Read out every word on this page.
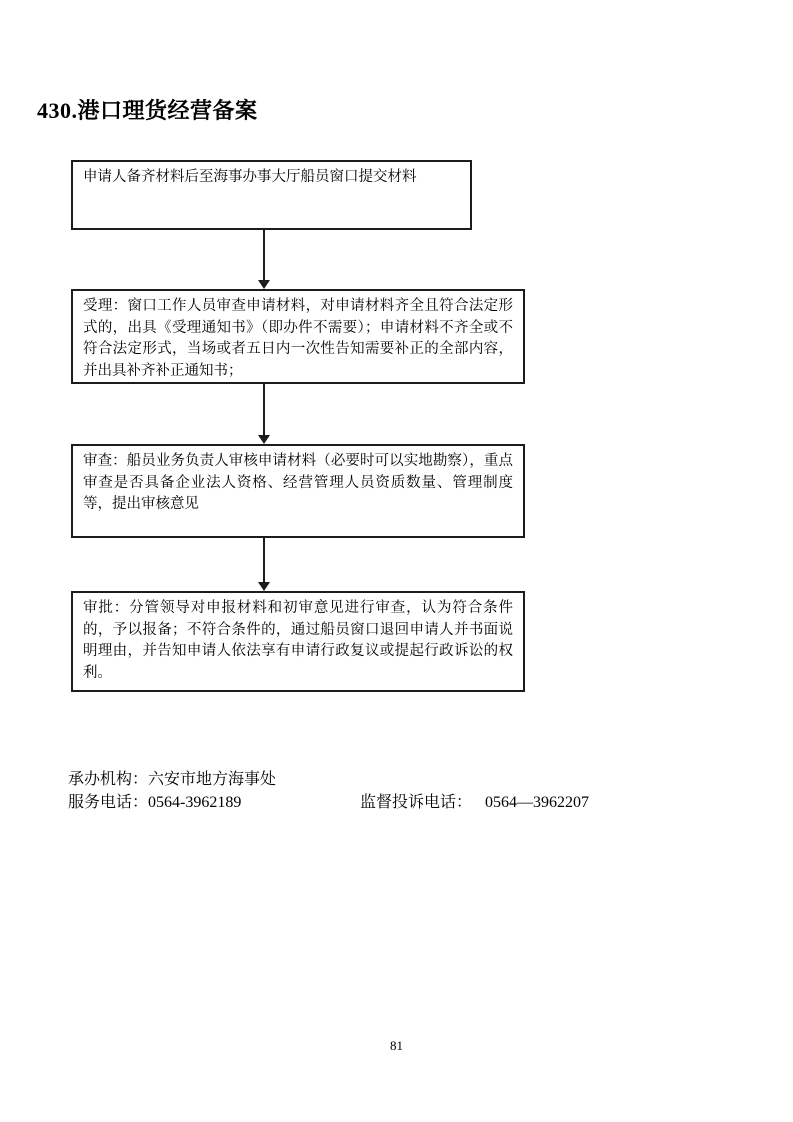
430.港口理货经营备案
申请人备齐材料后至海事办事大厅船员窗口提交材料
受理：窗口工作人员审查申请材料，对申请材料齐全且符合法定形式的，出具《受理通知书》（即办件不需要）；申请材料不齐全或不符合法定形式，当场或者五日内一次性告知需要补正的全部内容，并出具补齐补正通知书；
审查：船员业务负责人审核申请材料（必要时可以实地勘察），重点审查是否具备企业法人资格、经营管理人员资质数量、管理制度等，提出审核意见
审批：分管领导对申报材料和初审意见进行审查，认为符合条件的，予以报备；不符合条件的，通过船员窗口退回申请人并书面说明理由，并告知申请人依法享有申请行政复议或提起行政诉讼的权利。
承办机构：六安市地方海事处
服务电话：0564-3962189	监督投诉电话： 0564—3962207
81
